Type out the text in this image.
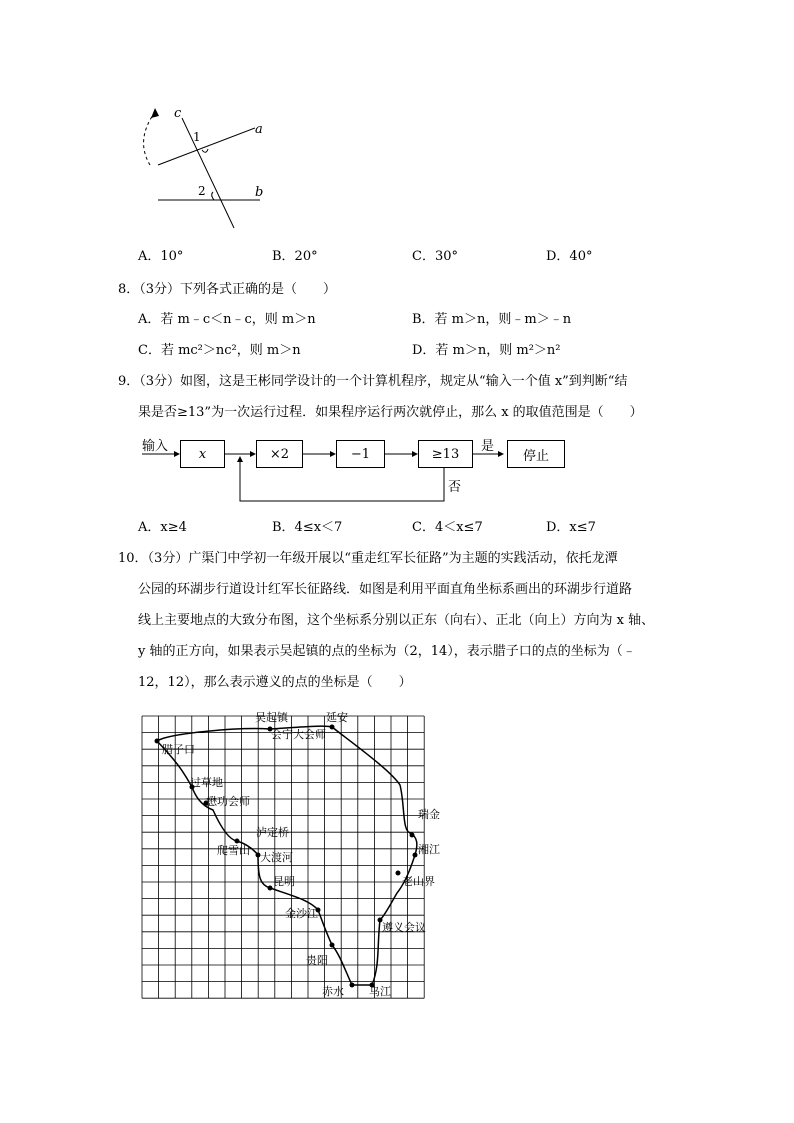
c
1	a
2	b
A．10°	B．20°	C．30°	D．40°
8．（3分）下列各式正确的是（　　）
A．若 m﹣c＜n﹣c，则 m＞n	B．若 m＞n，则﹣m＞﹣n
C．若 mc²＞nc²，则 m＞n	D．若 m＞n，则 m²＞n²
9．（3分）如图，这是王彬同学设计的一个计算机程序，规定从“输入一个值 x”到判断“结
果是否≥13”为一次运行过程．如果程序运行两次就停止，那么 x 的取值范围是（　　）
输入 x	×2	−1	≥13 是
停止
否
A．x≥4	B．4≤x＜7	C．4＜x≤7	D．x≤7
10．（3分）广渠门中学初一年级开展以“重走红军长征路”为主题的实践活动，依托龙潭
公园的环湖步行道设计红军长征路线．如图是利用平面直角坐标系画出的环湖步行道路
线上主要地点的大致分布图，这个坐标系分别以正东（向右）、正北（向上）方向为 x 轴、
y 轴的正方向，如果表示吴起镇的点的坐标为（2，14），表示腊子口的点的坐标为（﹣
12，12），那么表示遵义的点的坐标是（　　）
吴起镇	延安
会宁大会师
腊子口
过草地
懋功会师
泸定桥
爬雪山
大渡河
昆明
金沙江
贵阳
赤水 乌江
瑞金
湘江
老山界
遵义会议
